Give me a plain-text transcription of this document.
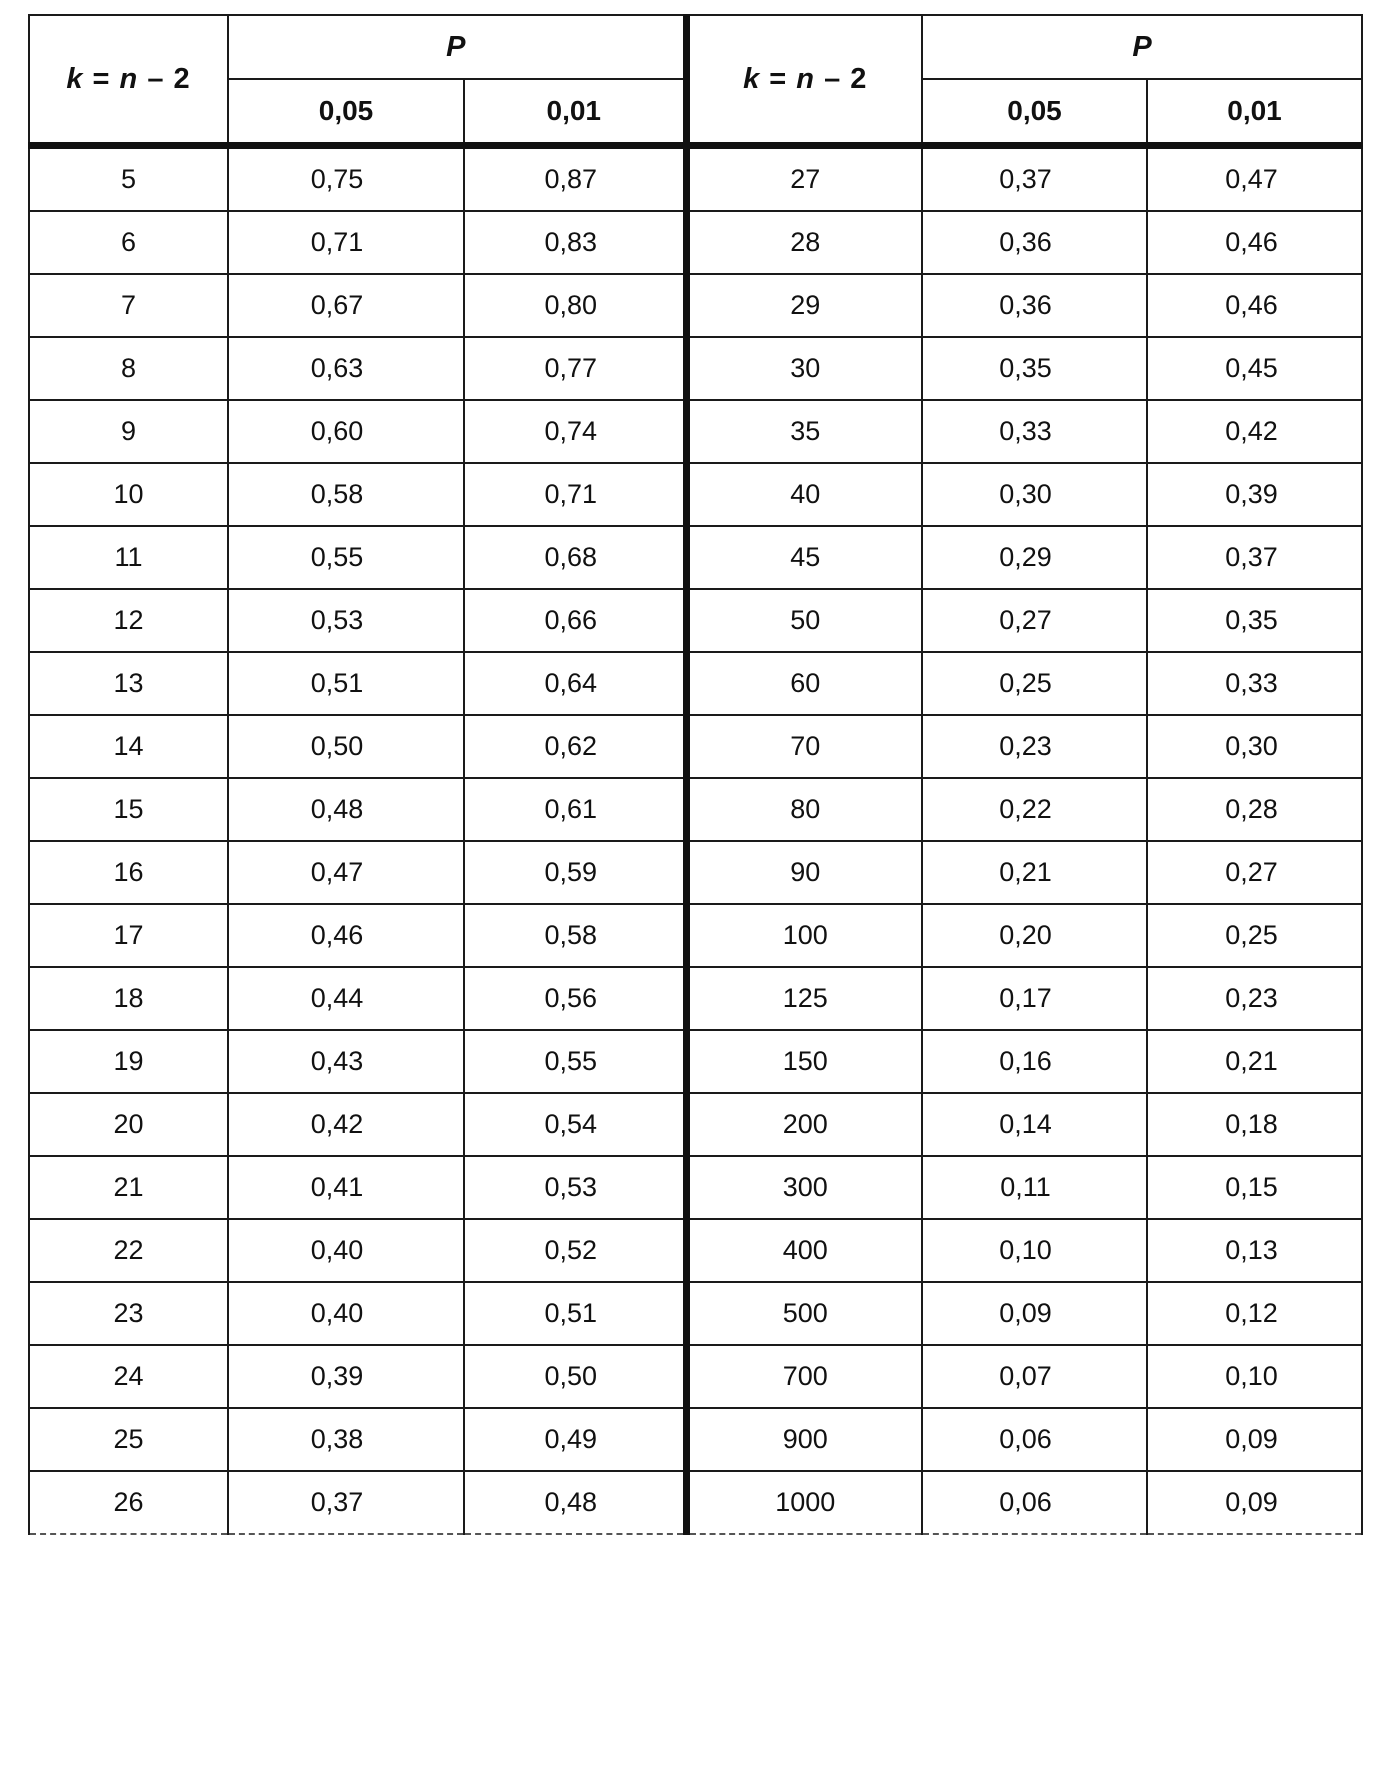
k = n – 2	P		k = n – 2	P	
	0,05	0,01		0,05	0,01
5	0,75	0,87	27	0,37	0,47
6	0,71	0,83	28	0,36	0,46
7	0,67	0,80	29	0,36	0,46
8	0,63	0,77	30	0,35	0,45
9	0,60	0,74	35	0,33	0,42
10	0,58	0,71	40	0,30	0,39
11	0,55	0,68	45	0,29	0,37
12	0,53	0,66	50	0,27	0,35
13	0,51	0,64	60	0,25	0,33
14	0,50	0,62	70	0,23	0,30
15	0,48	0,61	80	0,22	0,28
16	0,47	0,59	90	0,21	0,27
17	0,46	0,58	100	0,20	0,25
18	0,44	0,56	125	0,17	0,23
19	0,43	0,55	150	0,16	0,21
20	0,42	0,54	200	0,14	0,18
21	0,41	0,53	300	0,11	0,15
22	0,40	0,52	400	0,10	0,13
23	0,40	0,51	500	0,09	0,12
24	0,39	0,50	700	0,07	0,10
25	0,38	0,49	900	0,06	0,09
26	0,37	0,48	1000	0,06	0,09
